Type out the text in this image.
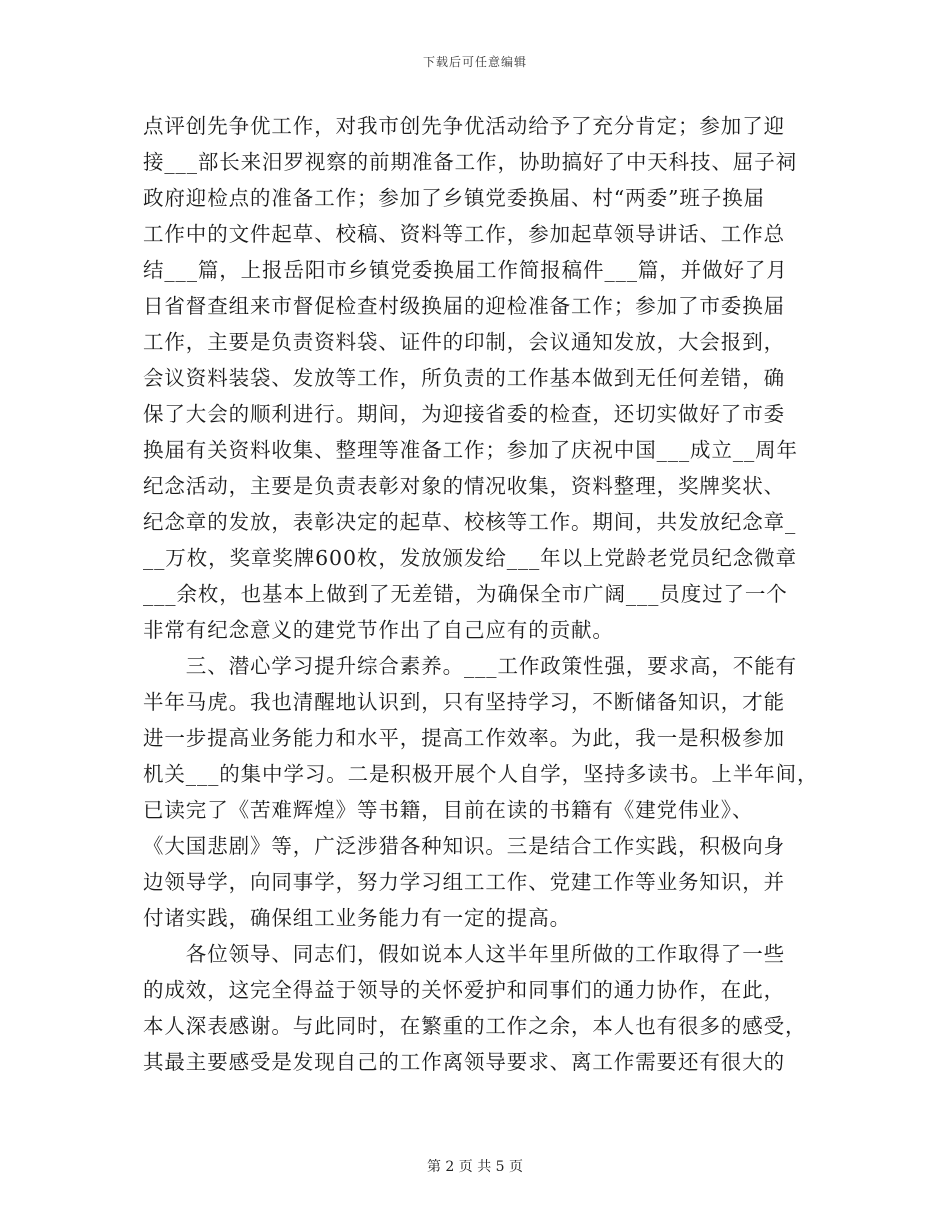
下载后可任意编辑
点评创先争优工作，对我市创先争优活动给予了充分肯定；参加了迎
接___部长来汨罗视察的前期准备工作，协助搞好了中天科技、屈子祠
政府迎检点的准备工作；参加了乡镇党委换届、村“两委”班子换届
工作中的文件起草、校稿、资料等工作，参加起草领导讲话、工作总
结___篇，上报岳阳市乡镇党委换届工作简报稿件___篇，并做好了月
日省督查组来市督促检查村级换届的迎检准备工作；参加了市委换届
工作，主要是负责资料袋、证件的印制，会议通知发放，大会报到，
会议资料装袋、发放等工作，所负责的工作基本做到无任何差错，确
保了大会的顺利进行。期间，为迎接省委的检查，还切实做好了市委
换届有关资料收集、整理等准备工作；参加了庆祝中国___成立__周年
纪念活动，主要是负责表彰对象的情况收集，资料整理，奖牌奖状、
纪念章的发放，表彰决定的起草、校核等工作。期间，共发放纪念章_
__万枚，奖章奖牌600枚，发放颁发给___年以上党龄老党员纪念微章
___余枚，也基本上做到了无差错，为确保全市广阔___员度过了一个
非常有纪念意义的建党节作出了自己应有的贡献。
　　三、潜心学习提升综合素养。___工作政策性强，要求高，不能有
半年马虎。我也清醒地认识到，只有坚持学习，不断储备知识，才能
进一步提高业务能力和水平，提高工作效率。为此，我一是积极参加
机关___的集中学习。二是积极开展个人自学，坚持多读书。上半年间，
已读完了《苦难辉煌》等书籍，目前在读的书籍有《建党伟业》、
《大国悲剧》等，广泛涉猎各种知识。三是结合工作实践，积极向身
边领导学，向同事学，努力学习组工工作、党建工作等业务知识，并
付诸实践，确保组工业务能力有一定的提高。
　　各位领导、同志们，假如说本人这半年里所做的工作取得了一些
的成效，这完全得益于领导的关怀爱护和同事们的通力协作，在此，
本人深表感谢。与此同时，在繁重的工作之余，本人也有很多的感受，
其最主要感受是发现自己的工作离领导要求、离工作需要还有很大的
第 2 页 共 5 页
